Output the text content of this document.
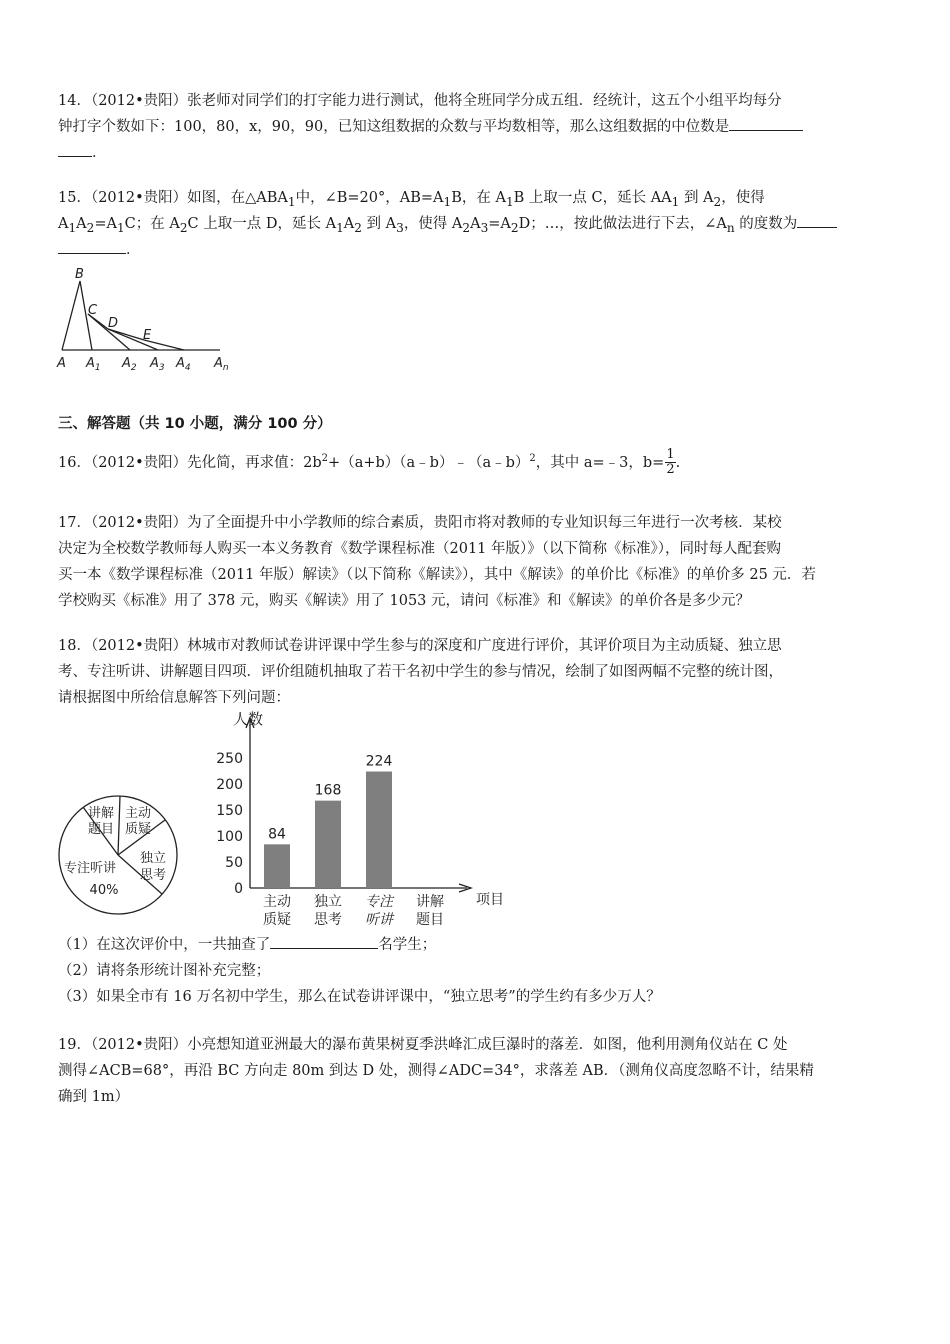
14．（2012•贵阳）张老师对同学们的打字能力进行测试，他将全班同学分成五组．经统计，这五个小组平均每分
钟打字个数如下：100，80，x，90，90，已知这组数据的众数与平均数相等，那么这组数据的中位数是
．
15．（2012•贵阳）如图，在$\triangle ABA_1$中，∠B=20°，$AB=A_1B$，在 $A_1B$ 上取一点 C，延长 $AA_1$ 到 $A_2$，使得
$A_1A_2=A_1C$；在 $A_2C$ 上取一点 D，延长 $A_1A_2$ 到 $A_3$，使得 $A_2A_3=A_2D$；…，按此做法进行下去，$\angle A_n$ 的度数为
．
B
C
D
E
A $A_1$ $A_2$ $A_3$ $A_4$ $A_n$
三、解答题（共 10 小题，满分 100 分）
16．（2012•贵阳）先化简，再求值：$2b^2+(a+b)(a﹣b)﹣(a﹣b)^2$，其中 a=﹣3，$b= \frac{1}{2}$ .
17．（2012•贵阳）为了全面提升中小学教师的综合素质，贵阳市将对教师的专业知识每三年进行一次考核．某校
决定为全校数学教师每人购买一本义务教育《数学课程标准（2011 年版）》（以下简称《标准》），同时每人配套购
买一本《数学课程标准（2011 年版）解读》（以下简称《解读》），其中《解读》的单价比《标准》的单价多 25 元．若
学校购买《标准》用了 378 元，购买《解读》用了 1053 元，请问《标准》和《解读》的单价各是多少元？
18．（2012•贵阳）林城市对教师试卷讲评课中学生参与的深度和广度进行评价，其评价项目为主动质疑、独立思
考、专注听讲、讲解题目四项．评价组随机抽取了若干名初中学生的参与情况，绘制了如图两幅不完整的统计图，
请根据图中所给信息解答下列问题：
讲解
题目
主动
质疑
独立
思考
专注听讲
40%
人数
项目
0
50
100
150
200
250
84
主动
质疑
168
独立
思考
224
专注
听讲
讲解
题目
（1）在这次评价中，一共抽查了	名学生；
（2）请将条形统计图补充完整；
（3）如果全市有 16 万名初中学生，那么在试卷讲评课中，“独立思考”的学生约有多少万人？
19．（2012•贵阳）小亮想知道亚洲最大的瀑布黄果树夏季洪峰汇成巨瀑时的落差．如图，他利用测角仪站在 C 处
测得∠ACB=68°，再沿 BC 方向走 80m 到达 D 处，测得∠ADC=34°，求落差 AB．（测角仪高度忽略不计，结果精
确到 1m）
